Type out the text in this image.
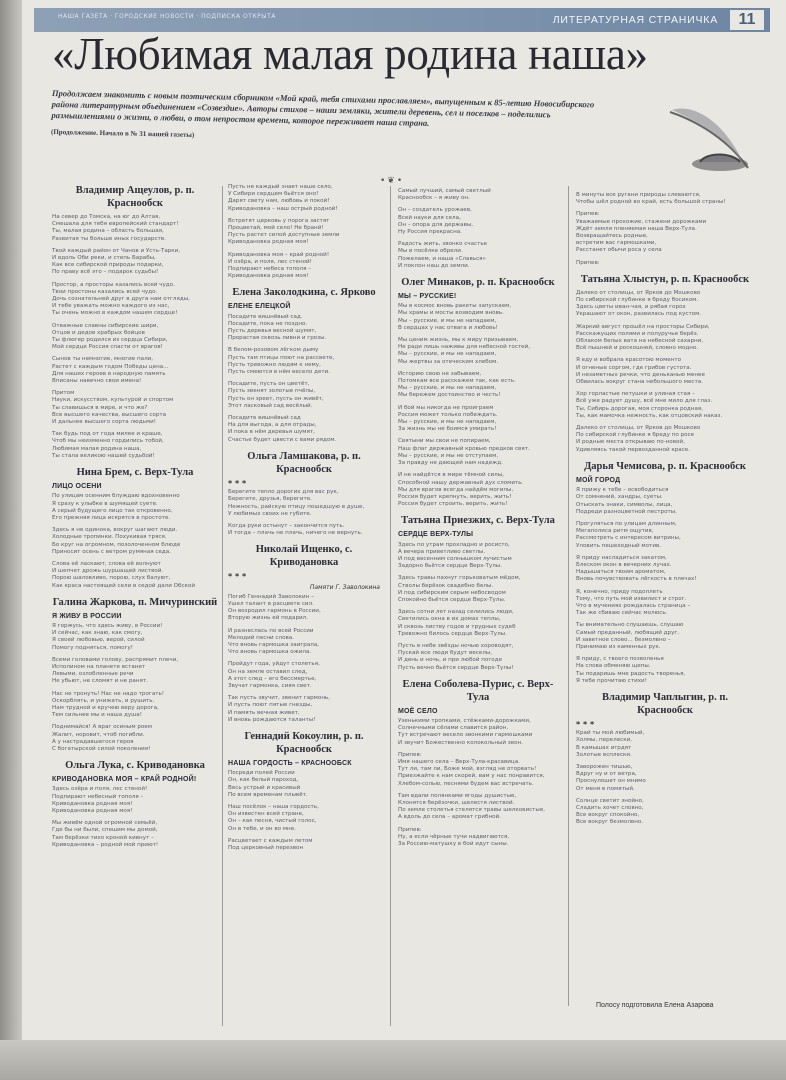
НАША ГАЗЕТА · ГОРОДСКИЕ НОВОСТИ · ПОДПИСКА ОТКРЫТА	ЛИТЕРАТУРНАЯ СТРАНИЧКА	11
«Любимая малая родина наша»
Продолжаем знакомить с новым поэтическим сборником «Мой край, тебя стихами прославляем», выпущенным к 85-летию Новосибирского района литературным объединением «Созвездие». Авторы стихов – наши земляки, жители деревень, сел и поселков – поделились размышлениями о жизни, о любви, о том непростом времени, которое переживает наша страна.
(Продолжение. Начало в № 31 нашей газеты)
•❦•
Владимир Ащеулов, р. п. Краснообск
На север до Томска, на юг до Алтая,
Смешала для тебя европейский стандарт!
Ты, малая родина – область большая,
Развитая ты больше иных государств.
Твой каждый район от Чанов и Усть-Тарки,
И вдоль Оби реки, и степь Барабы,
Как все сибирской природы подарки,
По праву всё это – подарок судьбы!
Простор, а просторы казались всей чудо.
Твои простоны казались всей чудо.
Дочь сознательней друг в друга нам отгляды,
И тебе уважать можно каждого из нас,
Ты очень можно в каждом нашем сердце!
Отважные славны сибирские шири,
Отцов и дедов храбрых бойцов
Ты флюгер родился из сердца Сибири,
Мой сердце Россия спасти от врагов!
Сынов ты немногие, многие пали,
Растет с каждым годом Победы цена...
Для наших героев в народную память
Вписаны навечно свои имена!
Притом
Науки, искусством, культурой и спортом
Ты славишься в мире, и что же?
Все высшего качества, высшего сорта
И дальнее высшего сорта людьми!
Так будь под от года милее и краше,
Чтоб мы неизменно гордились тобой,
Любимая малая родина наша,
Ты стала великою нашей судьбой!
Нина Брем, с. Верх-Тула
ЛИЦО ОСЕНИ
По улицам осенним блуждаю вдохновенно
Я сразу к улыбке в шумящей суете.
А серый будущего лицо так откровенно,
Его прежняя лица искрятся в простоте.
Здесь я не одинока, вокруг шагают люди.
Холодные тропинки. Похукивая тряся.
Бо круг на огромном, позолоченном блюде
Приносит осень с ветром румяная седа.
Слова её ласкают, слова её волнуют
И шепчет дрожь шуршащей листвой.
Порою шаловливо, порою, слух балуют,
Как краса настоящей сели в седой дали Обской
Галина Жаркова, п. Мичуринский
Я ЖИВУ В РОССИИ
Я горжусь, что здесь живу, в России!
И сейчас, как знаю, как смогу,
Я своей любовью, верой, силой
Помогу подняться, помогу!
Всеми головами голову, распрямит плечи,
Исполином на планете встанет
Левыми, озлобленные речи
Не убьют, не сломят и не ранят.
Нас не тронуть! Нас не надо трогать!
Оскорблять, и унижать, и рушить.
Нам трудной и кручею веру дорога,
Тем сильнее мы и наша душа!
Поднимайся! А враг осиным роем
Жалит, норовит, чтоб погибли.
А у настрадавшегося героя
С богатырской силой поколения!
Ольга Лука, с. Криводановка
КРИВОДАНОВКА МОЯ – КРАЙ РОДНОЙ!
Здесь озёра и поля, лес стеной!
Подпирают небесный тополя –
Криводановка родная моя!
Криводановка родная моя!
Мы живём одной огромной семьёй,
Где бы ни были, спешим мы домой,
Там берёзки тихо кроной кивнут –
Криводановка – родной мой приют!
Пусть не каждый знает наше село,
У Сибири сердцем бьётся оно!
Дарят свету нам, любовь и покой!
Криводановка – наш острый родной!
Встретят церковь у порога застят
Процветай, мой село! Не бранй!
Пусть растет силой доступные земли
Криводановка родная моя!
Криводановка моя – край родной!
И озёра, и поля, лес стеной!
Подпирают небеса тополя –
Криводановка родная моя!
Елена Заколодкина, с. Ярково
ЕЛЕНЕ ЕЛЕЦКОЙ
Посадите вишнёвый сад.
Посадите, пока не поздно.
Пусть деревья весной шумят,
Прорастая сквозь ливни и грозы.
В белом-розовом лёгком дыму
Пусть там птицы поют на рассвете,
Пусть тревожно людям к нему,
Пусть смеются в нём весело дети.
Посадите, пусть он цветёт,
Пусть звенят золотые пчёлы,
Пусть он зреет, пусть он живёт,
Этот ласковый сад весёлый.
Посадите вишнёвый сад
На для выгода, а для отрады,
И пока в нём деревья шумят,
Счастье будет цвести с вами рядом.
Ольга Ламшакова, р. п. Краснообск
* * *
Берегите тепло дорогих для вас рук,
Берегите, друзья, берегите.
Нежность, райскую птицу пошедшую в душе,
У любимых своих не губите.
Когда руки остынут – закончится путь.
И тогда – плачь не плачь, ничего не вернуть.
Николай Ищенко, с. Криводановка
* * *
Памяти Г. Заволокина
Погиб Геннадий Заволокин –
Ушел талант в расцвете сил.
Он возродил гармонь в России,
Вторую жизнь ей подарил.
И разнеслась по всей России
Мелодий песни слова.
Что вновь гармошка заиграла,
Что вновь гармошка ожила.
Пройдут года, уйдут столетья,
Он на земле оставил след,
А этот след – его бессмертье,
Звучат гармонка, сияя свет.
Так пусть звучит, звенит гармонь,
И пусть поют пятые гнезды,
И память вечная живет,
И вновь рождаются таланты!
Геннадий Кокоулин, р. п. Краснообск
НАША ГОРДОСТЬ – КРАСНООБСК
Посреди полей России
Он, как белый пароход,
Весь устрый и красивый
По всем временам плывёт.
Наш посёлок – наша гордость,
Он известен всей стране,
Он – как песня, чистый голос,
Он в тебе, и он во мне.
Расцветает с каждым летом
Под церковный перезвон
Самый лучший, самый светлый
Краснообск – я живу он.
Он – создатель урожаев,
Всей науки для села,
Он – опора для державы,
Ну Россия прекрасна.
Радость жить, звонко счастье
Мы в посёлке обрели.
Пожелаем, и наша «Славься»
И поклон наш до земли.
Олег Минаков, р. п. Краснообск
МЫ – РУССКИЕ!
Мы в космос вновь ракеты запускаем,
Мы храмы и мосты возводим вновь.
Мы – русские, и мы не нападаем,
В сердцах у нас отвага и любовь!
Мы ценим жизнь, мы к миру призываем,
Не ради лишь наживы для небесной гостей,
Мы – русские, и мы не нападаем,
Мы жертвы за отеческим хлебом.
Историю свою не забываем,
Потомкам все расскажем так, как есть.
Мы – русские, и мы не нападаем,
Мы бережем достоинство и честь!
И бой мы никогда не проиграем
Россия может только побеждать.
Мы – русские, и мы не нападаем,
За жизнь мы не боимся умирать!
Святыни мы свои не попираем,
Наш флаг державный кровью предков свят.
Мы – русские, и мы не отступаем,
За правду не дающей нам надежд.
И не найдётся в мире тёмной силы,
Способной нашу державный дух сломить.
Мы для врагов всегда найдём могилы,
Россия будет крепнуть, верить, жить!
Россия будет строить, верить, жить!
Татьяна Приезжих, с. Верх-Тула
СЕРДЦЕ ВЕРХ-ТУЛЫ
Здесь по утрам прохладно и росисто,
А вечера приветливо светлы.
И под весенним солнышком лучистым
Задорно бьётся сердце Верх-Тулы.
Здесь травы пахнут горьковатым мёдом,
Стволы берёзок свадебно белы.
И под сибирским серым небосводом
Спокойно бьётся сердце Верх-Тулы.
Здесь сотни лет назад селились люди,
Светились окна в их домах теплы,
И сквозь листву годов и трудных судеб
Тревожно билось сердце Верх-Тулы.
Пусть в небе звёзды ночью хороводят,
Пускай все люди будут веселы,
И день и ночь, и при любой погоде
Пусть вечно бьётся сердце Верх-Тулы!
Елена Соболева-Пурис, с. Верх-Тула
МОЁ СЕЛО
Узенькими тропками, стёжками-дорожками,
Солнечными сёлами славится район.
Тут встречают весело звонкими гармошками
И звучит Божественно колокольный звон.
Припев:
Имя нашего села – Верх-Тула-красавица.
Тут ли, там ли, Боже мой, взгляд не оторвать!
Приезжайте к нам скорей, вам у нас понравится,
Хлебом-солью, песнями будем вас встречать.
Там вдали полянками ягоды душистые,
Клонятся берёзочки, шелестя листвой.
По земле столетья стелятся травы шелковистые,
А вдоль до села – аромат грибной.
Припев:
Ну, а если чёрные тучи надвигаются,
За Россию-матушку в бой идут сыны.
В минуты все ругани природы слеваются,
Чтобы шёл родной во край, есть большой страны!
Припев:
Уважаемые прохожие, стажени дорожками
Ждёт земля пленяемая наша Верх-Тула.
Возвращайтесь родные,
встретим вас гармошками,
Расстанет обычи роса у села
Припев:
Татьяна Хлыстун, р. п. Краснообск
Далеко от столицы, от Ярков до Мошково
По сибирской глубинке я бреду босиком.
Здесь цветы иван-чая, и рябая горох
Украшают от окон, развилась под кустом.
Жаркий август прошёл на просторы Сибири,
Расскажущих полями и полуручье берёз.
Облаком белых вата на небесной сахарни,
Всё пышней и роскошней, словно модно.
Я еду и вобрала красотою моменто
И огненые соргом, где грибов густота.
И незаметных речки, что деньканью менее
Обвилась вокруг стана небольшого места.
Хор горластые петушки и улиная стая –
Всё уже радует душу, всё мне мило для глаз.
Ты, Сибирь дорогая, моя сторонка родная,
Ты, как мамочка нежность, как отцовский наказ.
Далеко от столицы, от Ярков до Мошково
По сибирской глубинке я бреду по росе
И родные места открываю по-новой,
Удивляясь такой первозданной красе.
Дарья Чемисова, р. п. Краснообск
МОЙ ГОРОД
Я прижу к тебе – освободиться
От сомнений, хандры, суеты.
Отыскать знаки, символы, лица,
Подреди разноцветной пестроты.
Прогуляться по улицам длинным,
Мегаполиса ритм ощутив,
Рассмотреть с интересом витрины,
Уловить пешеходный мотив.
Я приду насладиться закатом,
Блеском окон в вечерних лучах.
Надышаться твоим ароматом,
Вновь почувствовать лёгкость в плечах!
Я, конечно, приду подоплеть
Тому, что путь мой извилист и строг.
Что в мучениях рождалась страница –
Так же сбиваю сейчас молюсь.
Ты внимательно слушаешь, слушаю
Самый преданный, любящий друг.
И заветное слово... безмолвно –
Принимаю из каменных рук.
Я приду, с твоего позволенья
На слова обменяю щепы.
Ты подаришь мне радость творенья,
Я тебе прочитаю стихи!
Владимир Чаплыгин, р. п. Краснообск
* * *
Край ты мой любимый,
Холмы, перелески,
В камышах игрдят
Золотые всплески.
Заворожен тишью,
Вдруг ну и от ветра,
Проснулошет он мнимо
От меня в помятый.
Солнце светит знойно,
Сладить хочет словно,
Все вокруг спокойно,
Все вокруг безмолвно.
Полосу подготовила Елена Азарова
